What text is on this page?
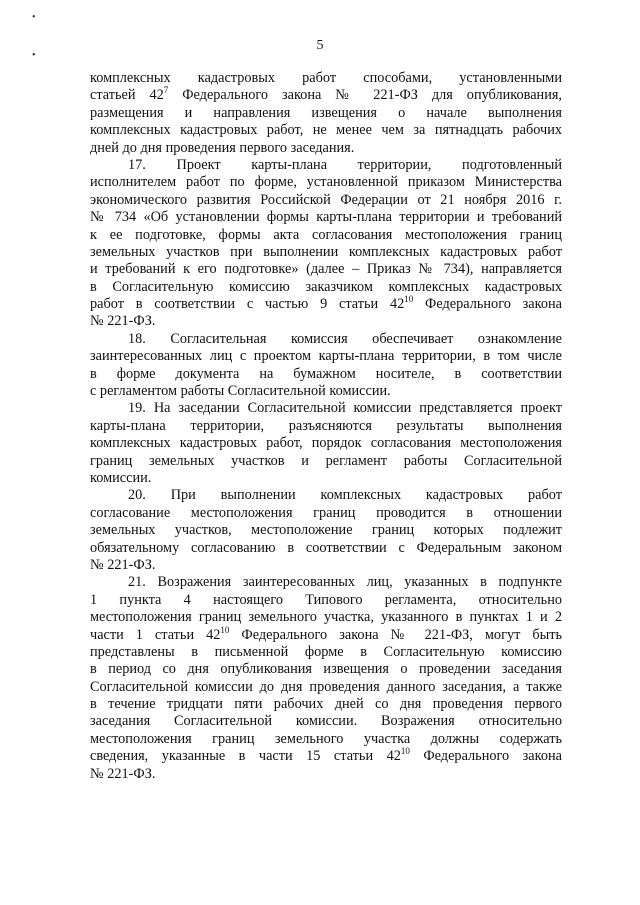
•
•
5
комплексных кадастровых работ способами, установленными
статьей $42^7$ Федерального закона № 221-ФЗ для опубликования,
размещения и направления извещения о начале выполнения
комплексных кадастровых работ, не менее чем за пятнадцать рабочих
дней до дня проведения первого заседания.
17. Проект карты-плана территории, подготовленный
исполнителем работ по форме, установленной приказом Министерства
экономического развития Российской Федерации от 21 ноября 2016 г.
№ 734 «Об установлении формы карты-плана территории и требований
к ее подготовке, формы акта согласования местоположения границ
земельных участков при выполнении комплексных кадастровых работ
и требований к его подготовке» (далее – Приказ № 734), направляется
в Согласительную комиссию заказчиком комплексных кадастровых
работ в соответствии с частью 9 статьи $42^{10}$ Федерального закона
№ 221-ФЗ.
18. Согласительная комиссия обеспечивает ознакомление
заинтересованных лиц с проектом карты-плана территории, в том числе
в форме документа на бумажном носителе, в соответствии
с регламентом работы Согласительной комиссии.
19. На заседании Согласительной комиссии представляется проект
карты-плана территории, разъясняются результаты выполнения
комплексных кадастровых работ, порядок согласования местоположения
границ земельных участков и регламент работы Согласительной
комиссии.
20. При выполнении комплексных кадастровых работ
согласование местоположения границ проводится в отношении
земельных участков, местоположение границ которых подлежит
обязательному согласованию в соответствии с Федеральным законом
№ 221-ФЗ.
21. Возражения заинтересованных лиц, указанных в подпункте
1 пункта 4 настоящего Типового регламента, относительно
местоположения границ земельного участка, указанного в пунктах 1 и 2
части 1 статьи $42^{10}$ Федерального закона № 221-ФЗ, могут быть
представлены в письменной форме в Согласительную комиссию
в период со дня опубликования извещения о проведении заседания
Согласительной комиссии до дня проведения данного заседания, а также
в течение тридцати пяти рабочих дней со дня проведения первого
заседания Согласительной комиссии. Возражения относительно
местоположения границ земельного участка должны содержать
сведения, указанные в части 15 статьи $42^{10}$ Федерального закона
№ 221-ФЗ.
